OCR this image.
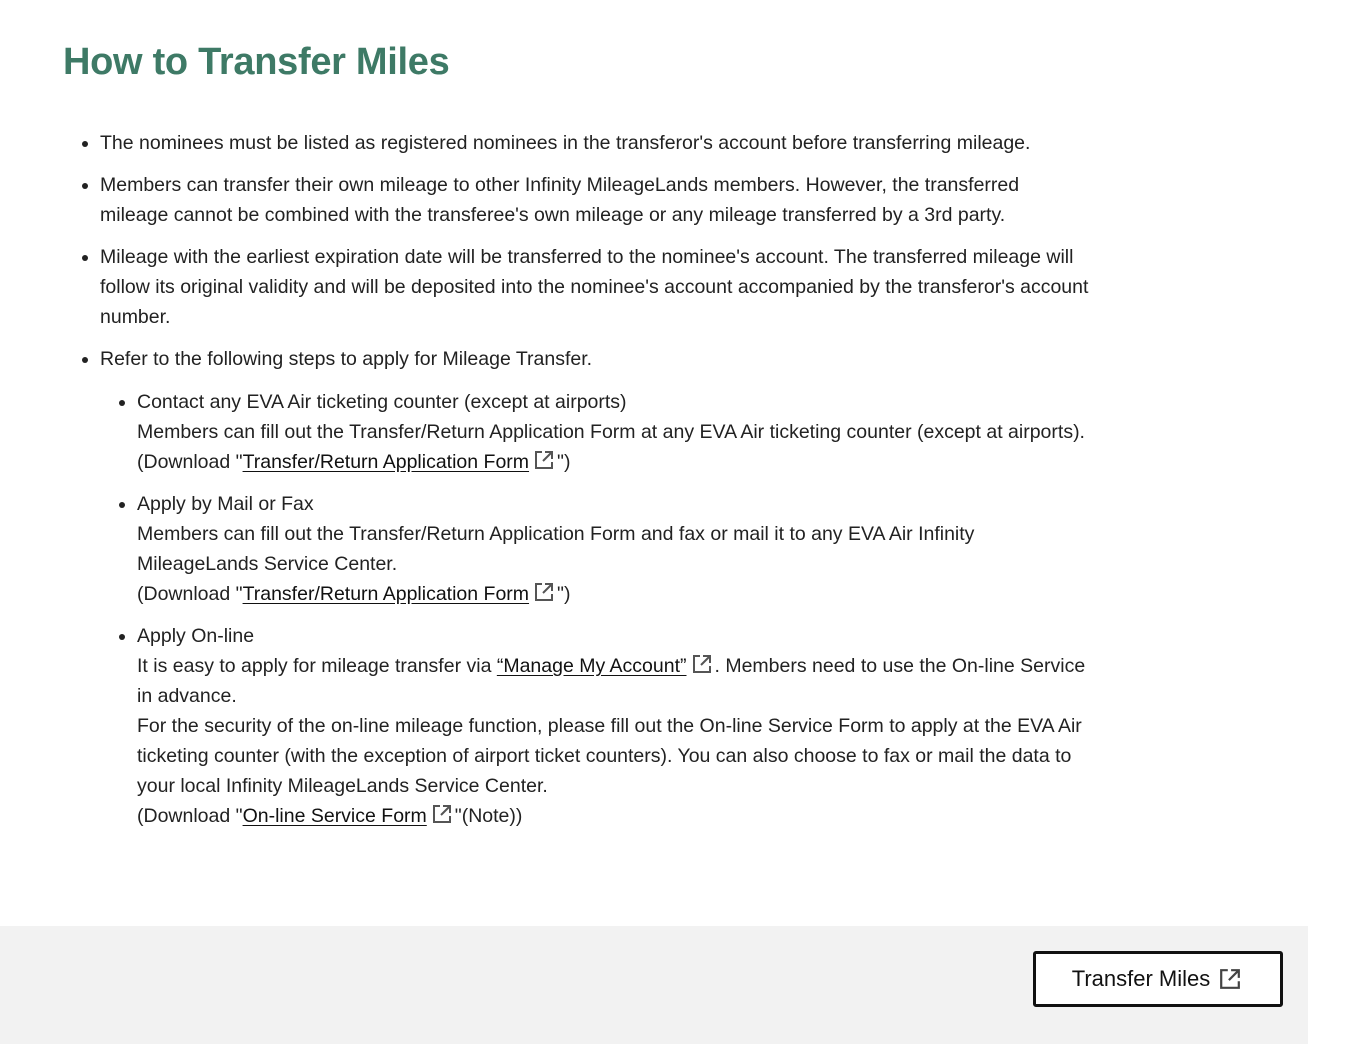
How to Transfer Miles
• The nominees must be listed as registered nominees in the transferor's account before transferring mileage.
• Members can transfer their own mileage to other Infinity MileageLands members. However, the transferred mileage cannot be combined with the transferee's own mileage or any mileage transferred by a 3rd party.
• Mileage with the earliest expiration date will be transferred to the nominee's account. The transferred mileage will follow its original validity and will be deposited into the nominee's account accompanied by the transferor's account number.
• Refer to the following steps to apply for Mileage Transfer.
• Contact any EVA Air ticketing counter (except at airports)
Members can fill out the Transfer/Return Application Form at any EVA Air ticketing counter (except at airports).
(Download "Transfer/Return Application Form ")
• Apply by Mail or Fax
Members can fill out the Transfer/Return Application Form and fax or mail it to any EVA Air Infinity MileageLands Service Center.
(Download "Transfer/Return Application Form ")
• Apply On-line
It is easy to apply for mileage transfer via “Manage My Account” . Members need to use the On-line Service in advance.
For the security of the on-line mileage function, please fill out the On-line Service Form to apply at the EVA Air ticketing counter (with the exception of airport ticket counters). You can also choose to fax or mail the data to your local Infinity MileageLands Service Center.
(Download "On-line Service Form "(Note))
Transfer Miles
